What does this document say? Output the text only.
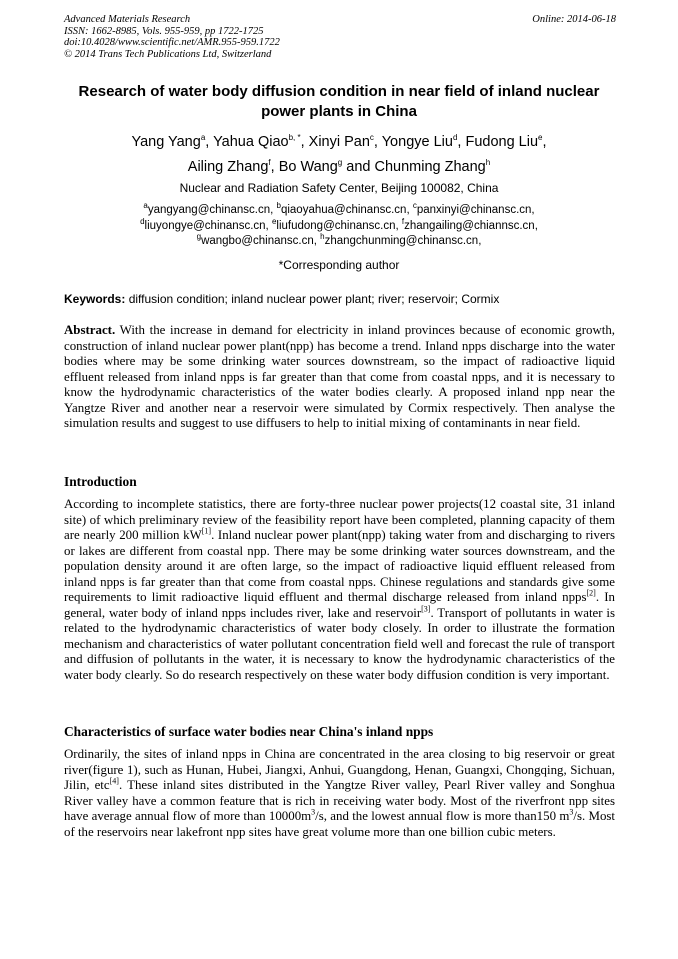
Advanced Materials Research
ISSN: 1662-8985, Vols. 955-959, pp 1722-1725
doi:10.4028/www.scientific.net/AMR.955-959.1722
© 2014 Trans Tech Publications Ltd, Switzerland
Online: 2014-06-18
Research of water body diffusion condition in near field of inland nuclear power plants in China
Yang Yang$^a$, Yahua Qiao$^{b, *}$, Xinyi Pan$^c$, Yongye Liu$^d$, Fudong Liu$^e$,
Ailing Zhang$^f$, Bo Wang$^g$ and Chunming Zhang$^h$
Nuclear and Radiation Safety Center, Beijing 100082, China
$^a$yangyang@chinansc.cn, $^b$qiaoyahua@chinansc.cn, $^c$panxinyi@chinansc.cn,
$^d$liuyongye@chinansc.cn, $^e$liufudong@chinansc.cn, $^f$zhangailing@chiannsc.cn,
$^g$wangbo@chinansc.cn, $^h$zhangchunming@chinansc.cn,
*Corresponding author
Keywords: diffusion condition; inland nuclear power plant; river; reservoir; Cormix
Abstract. With the increase in demand for electricity in inland provinces because of economic growth, construction of inland nuclear power plant(npp) has become a trend. Inland npps discharge into the water bodies where may be some drinking water sources downstream, so the impact of radioactive liquid effluent released from inland npps is far greater than that come from coastal npps, and it is necessary to know the hydrodynamic characteristics of the water bodies clearly. A proposed inland npp near the Yangtze River and another near a reservoir were simulated by Cormix respectively. Then analyse the simulation results and suggest to use diffusers to help to initial mixing of contaminants in near field.
Introduction
According to incomplete statistics, there are forty-three nuclear power projects(12 coastal site, 31 inland site) of which preliminary review of the feasibility report have been completed, planning capacity of them are nearly 200 million kW[1]. Inland nuclear power plant(npp) taking water from and discharging to rivers or lakes are different from coastal npp. There may be some drinking water sources downstream, and the population density around it are often large, so the impact of radioactive liquid effluent released from inland npps is far greater than that come from coastal npps. Chinese regulations and standards give some requirements to limit radioactive liquid effluent and thermal discharge released from inland npps[2]. In general, water body of inland npps includes river, lake and reservoir[3]. Transport of pollutants in water is related to the hydrodynamic characteristics of water body closely. In order to illustrate the formation mechanism and characteristics of water pollutant concentration field well and forecast the rule of transport and diffusion of pollutants in the water, it is necessary to know the hydrodynamic characteristics of the water body clearly. So do research respectively on these water body diffusion condition is very important.
Characteristics of surface water bodies near China's inland npps
Ordinarily, the sites of inland npps in China are concentrated in the area closing to big reservoir or great river(figure 1), such as Hunan, Hubei, Jiangxi, Anhui, Guangdong, Henan, Guangxi, Chongqing, Sichuan, Jilin, etc[4]. These inland sites distributed in the Yangtze River valley, Pearl River valley and Songhua River valley have a common feature that is rich in receiving water body. Most of the riverfront npp sites have average annual flow of more than $10000m^3/s$, and the lowest annual flow is more than150 $m^3/s$. Most of the reservoirs near lakefront npp sites have great volume more than one billion cubic meters.
